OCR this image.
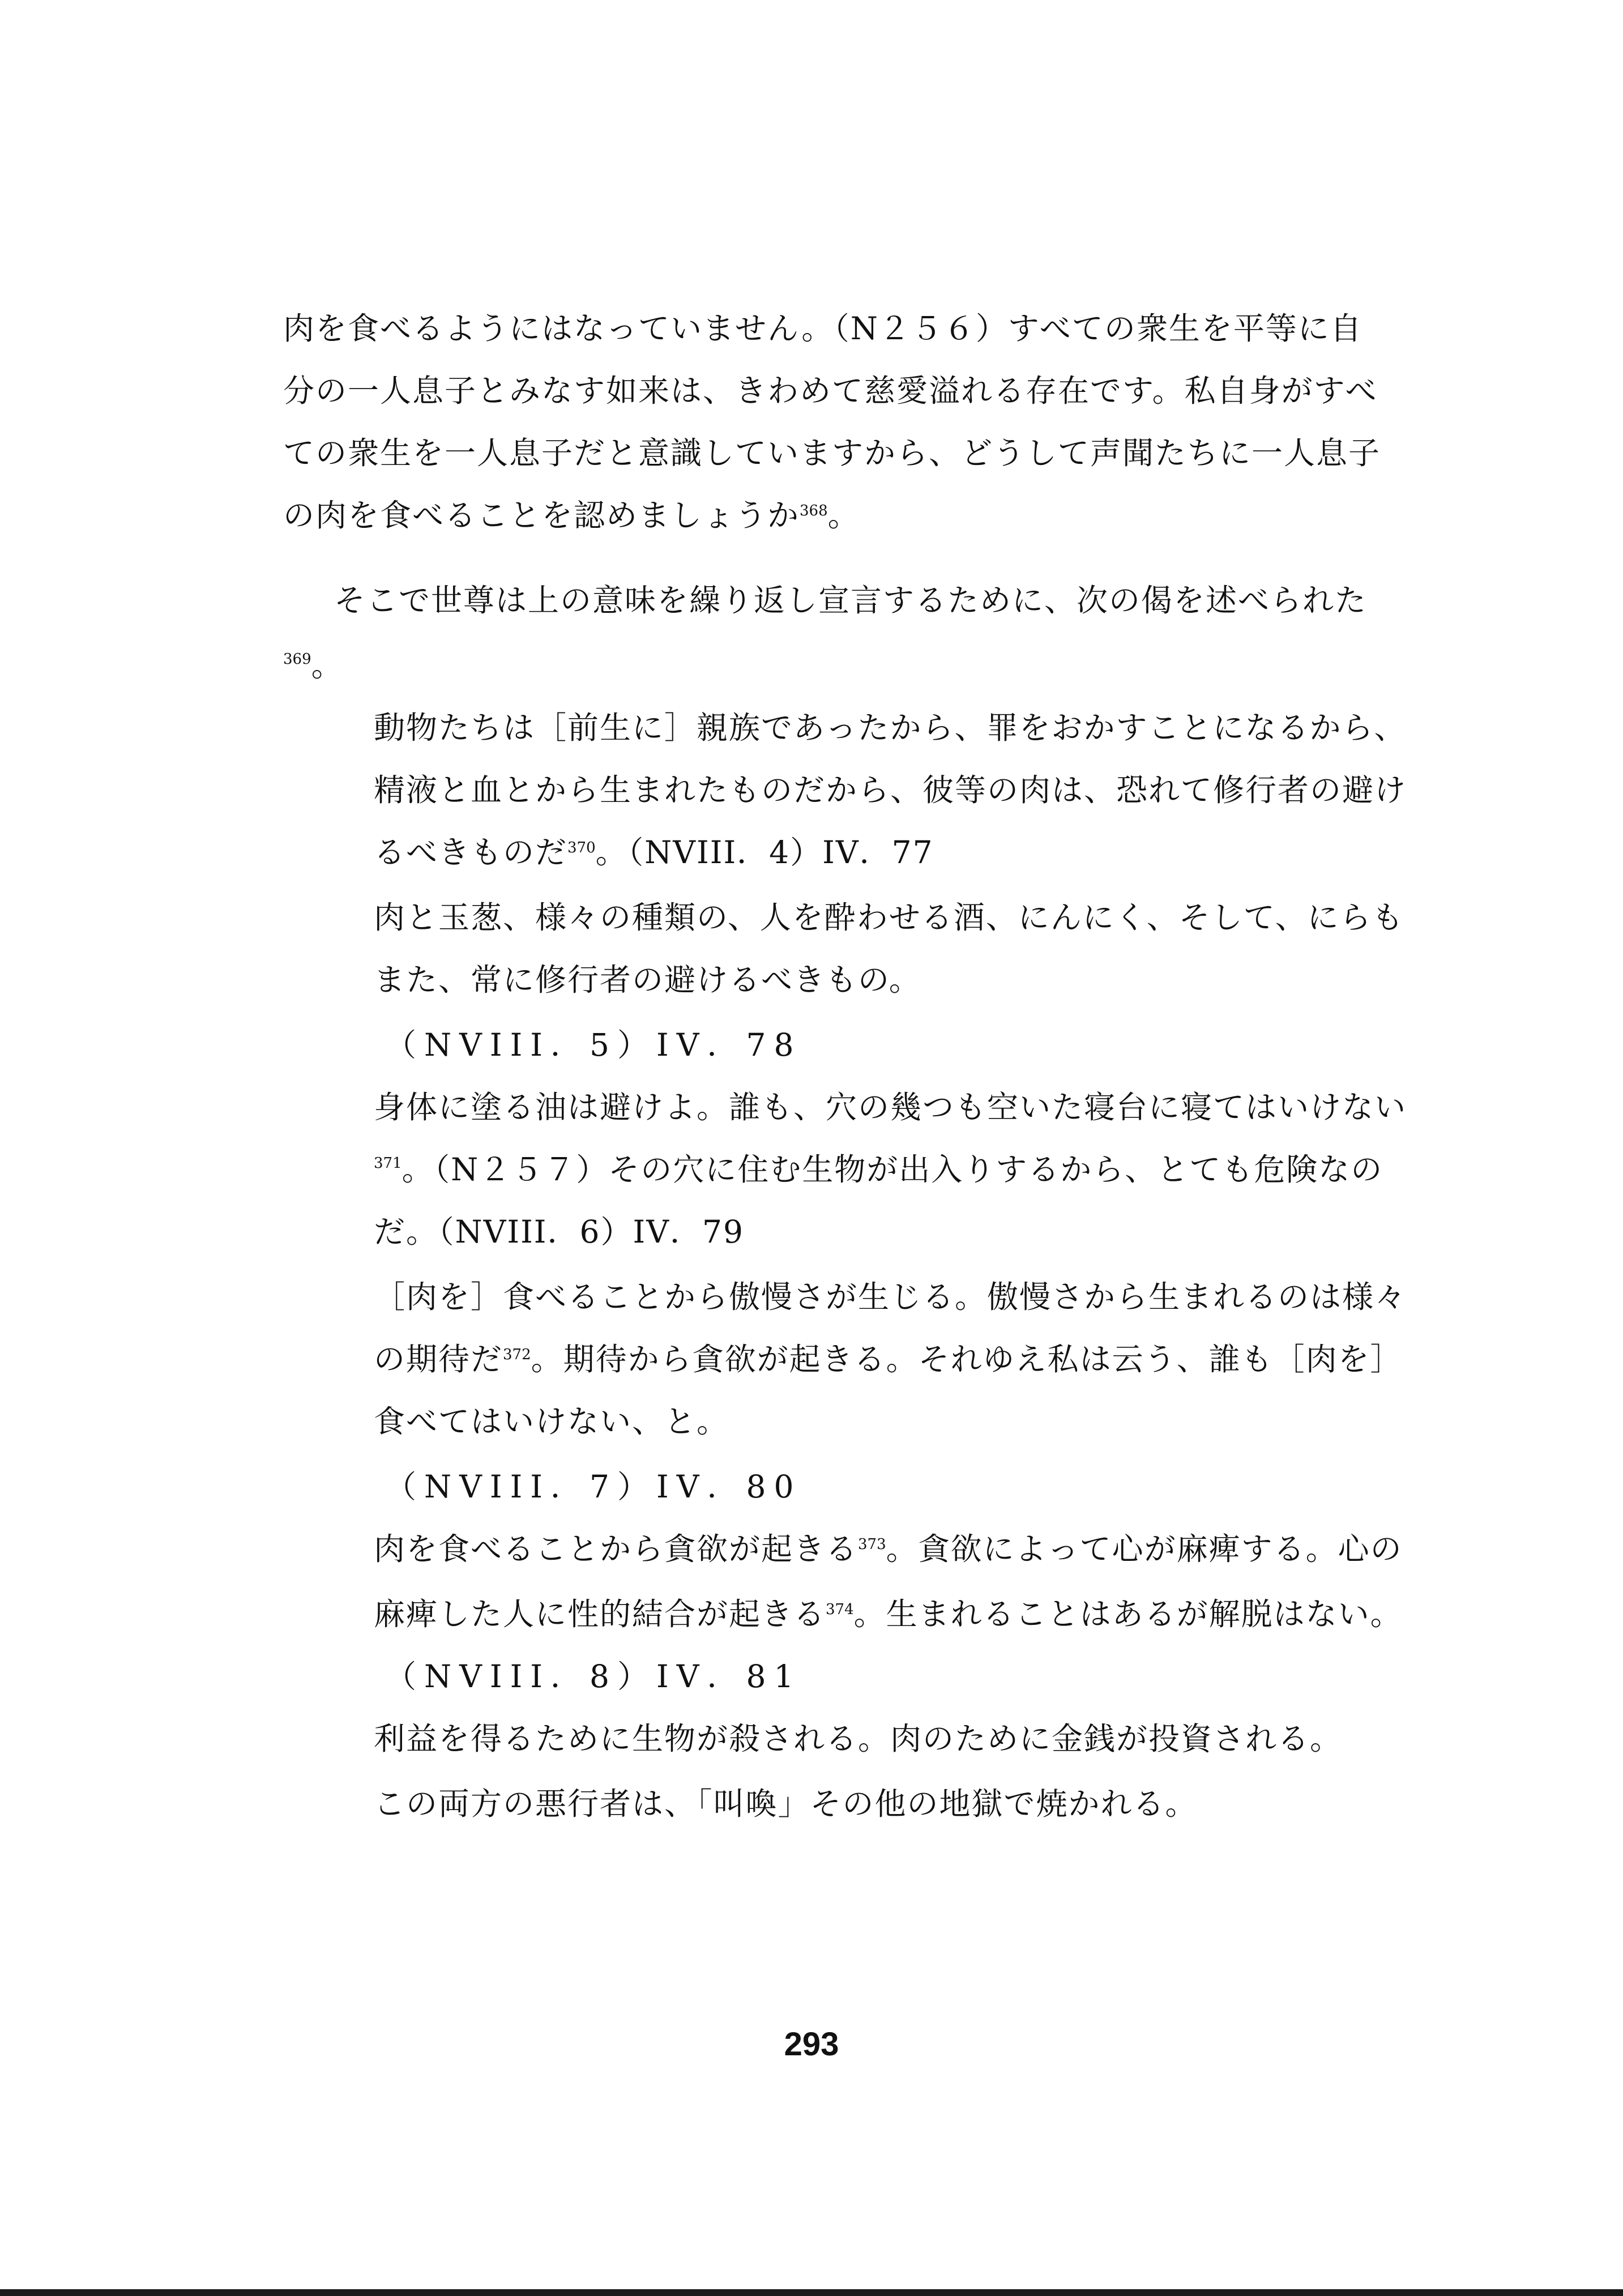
肉を食べるようにはなっていません。（N２５６）すべての衆生を平等に自
分の一人息子とみなす如来は、きわめて慈愛溢れる存在です。私自身がすべ
ての衆生を一人息子だと意識していますから、どうして声聞たちに一人息子
の肉を食べることを認めましょうか$^{368}$。
そこで世尊は上の意味を繰り返し宣言するために、次の偈を述べられた
$^{369}$。
動物たちは［前生に］親族であったから、罪をおかすことになるから、
精液と血とから生まれたものだから、彼等の肉は、恐れて修行者の避け
るべきものだ$^{370}$。（NVIII．4）IV．77
肉と玉葱、様々の種類の、人を酔わせる酒、にんにく、そして、にらも
また、常に修行者の避けるべきもの。
（NVIII．5）IV．78
身体に塗る油は避けよ。誰も、穴の幾つも空いた寝台に寝てはいけない
$^{371}$。（N２５７）その穴に住む生物が出入りするから、とても危険なの
だ。（NVIII．6）IV．79
［肉を］食べることから傲慢さが生じる。傲慢さから生まれるのは様々
の期待だ$^{372}$。期待から貪欲が起きる。それゆえ私は云う、誰も［肉を］
食べてはいけない、と。
（NVIII．7）IV．80
肉を食べることから貪欲が起きる$^{373}$。貪欲によって心が麻痺する。心の
麻痺した人に性的結合が起きる$^{374}$。生まれることはあるが解脱はない。
（NVIII．8）IV．81
利益を得るために生物が殺される。肉のために金銭が投資される。
この両方の悪行者は、「叫喚」その他の地獄で焼かれる。
293
